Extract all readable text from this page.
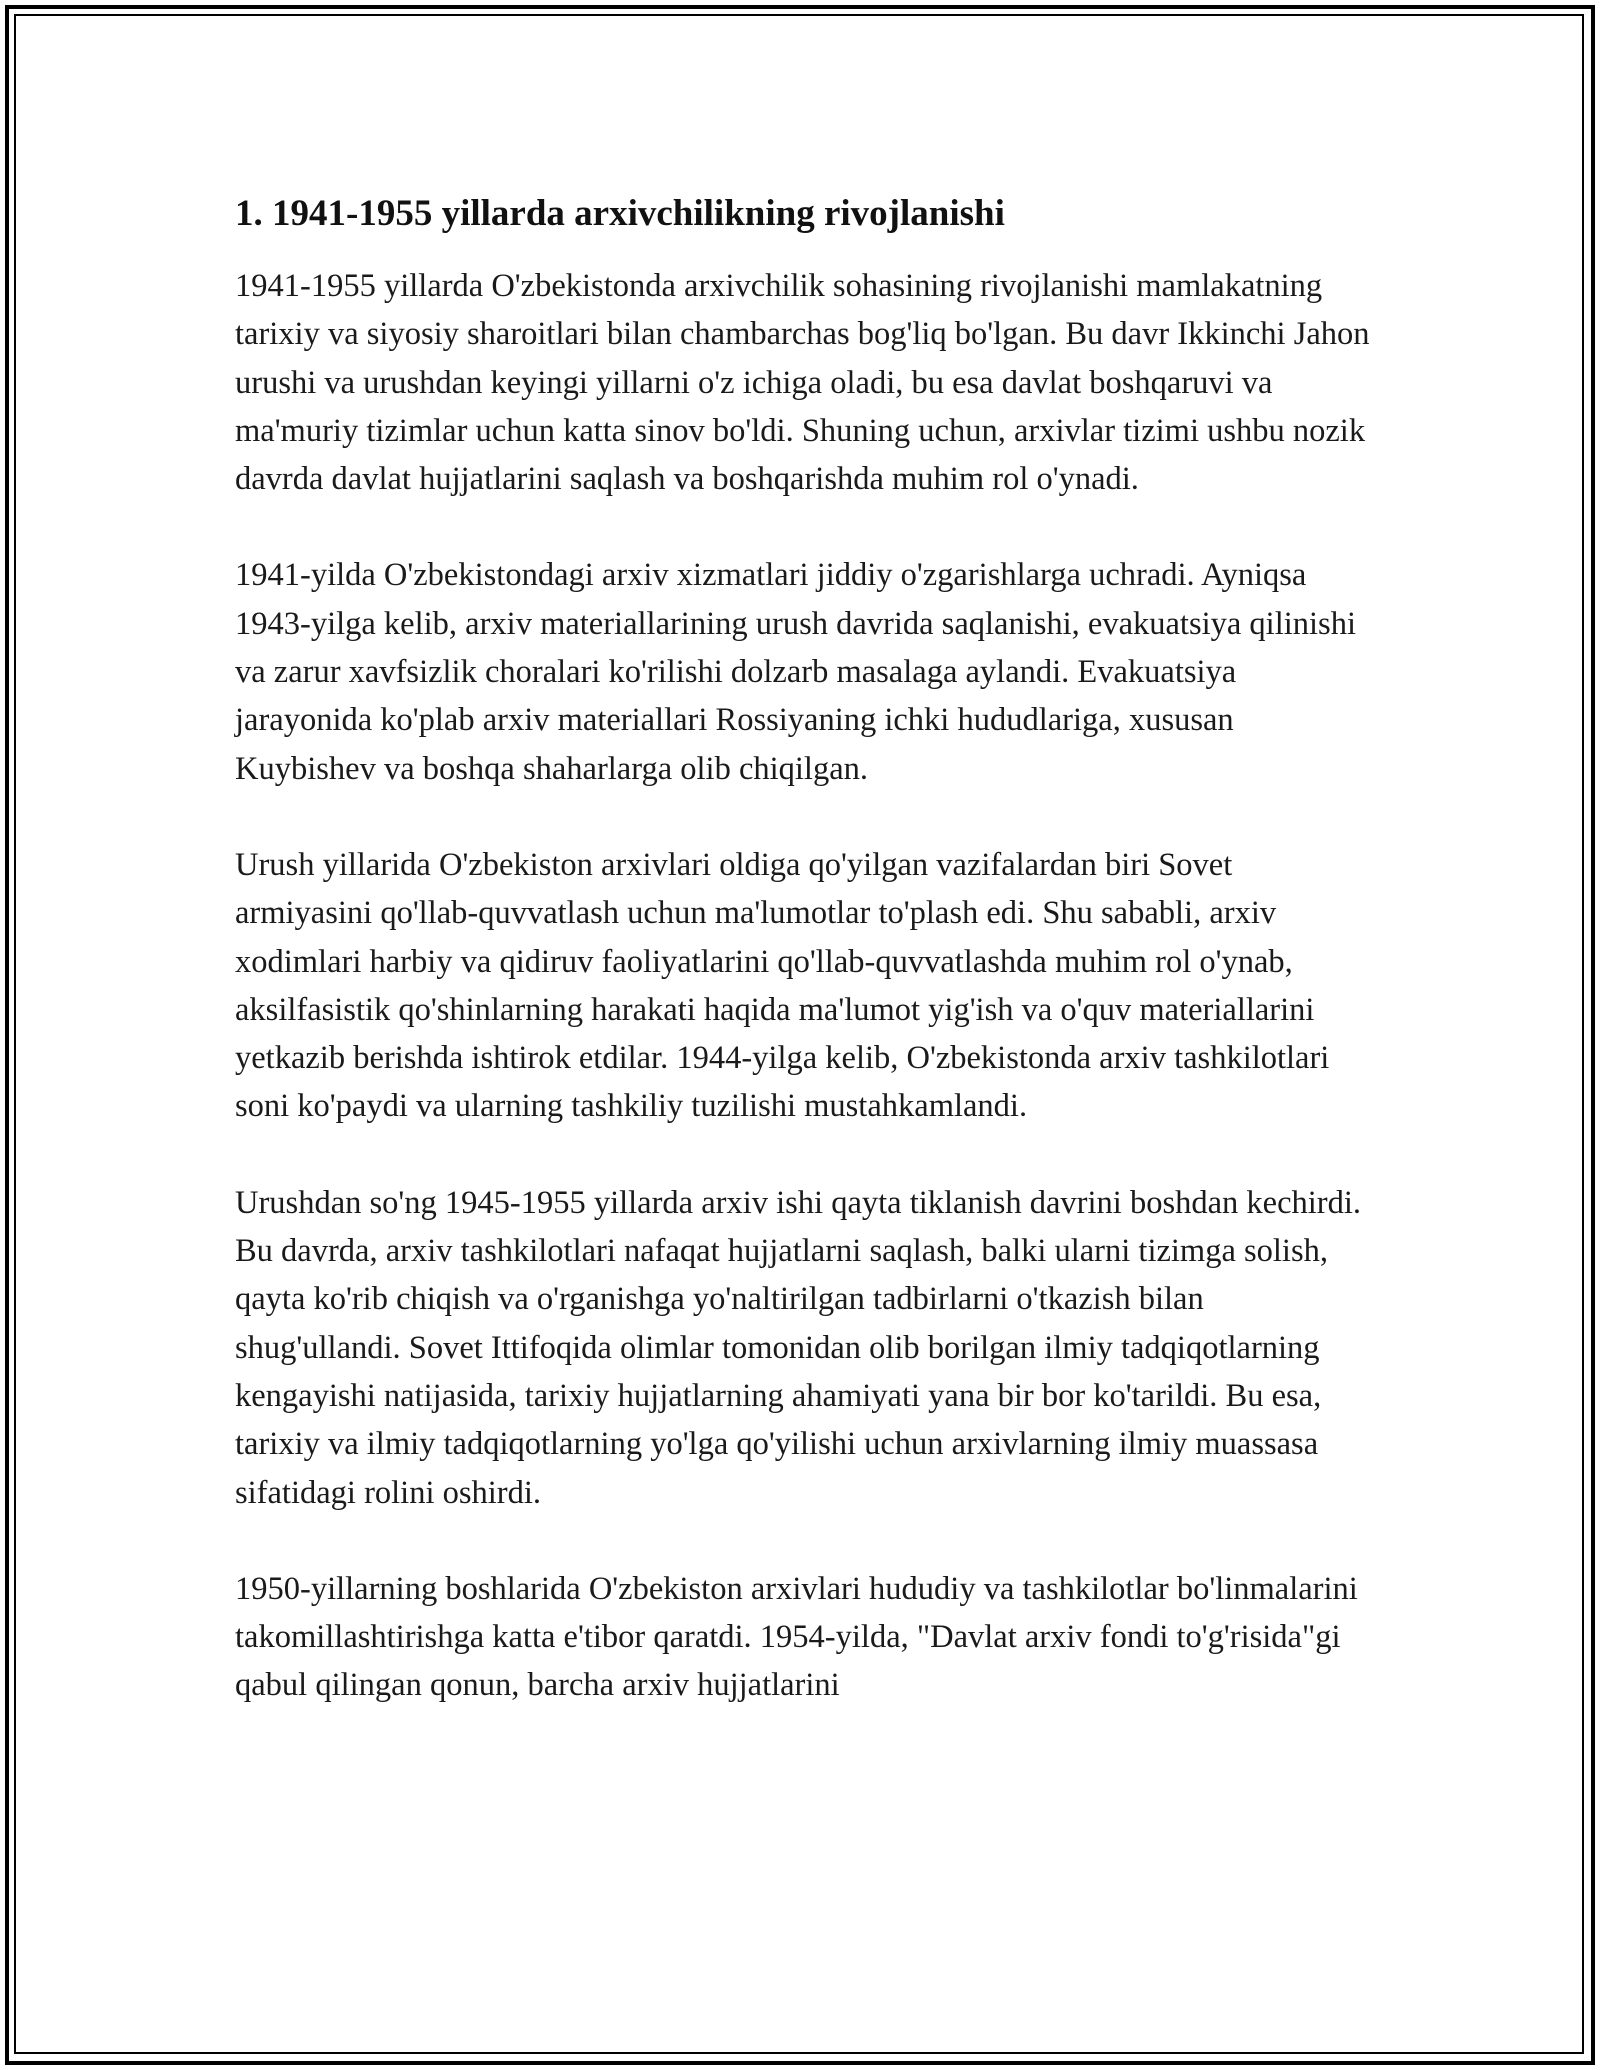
1. 1941-1955 yillarda arxivchilikning rivojlanishi

1941-1955 yillarda O'zbekistonda arxivchilik sohasining rivojlanishi mamlakatning tarixiy va siyosiy sharoitlari bilan chambarchas bog'liq bo'lgan. Bu davr Ikkinchi Jahon urushi va urushdan keyingi yillarni o'z ichiga oladi, bu esa davlat boshqaruvi va ma'muriy tizimlar uchun katta sinov bo'ldi. Shuning uchun, arxivlar tizimi ushbu nozik davrda davlat hujjatlarini saqlash va boshqarishda muhim rol o'ynadi.

1941-yilda O'zbekistondagi arxiv xizmatlari jiddiy o'zgarishlarga uchradi. Ayniqsa 1943-yilga kelib, arxiv materiallarining urush davrida saqlanishi, evakuatsiya qilinishi va zarur xavfsizlik choralari ko'rilishi dolzarb masalaga aylandi. Evakuatsiya jarayonida ko'plab arxiv materiallari Rossiyaning ichki hududlariga, xususan Kuybishev va boshqa shaharlarga olib chiqilgan.

Urush yillarida O'zbekiston arxivlari oldiga qo'yilgan vazifalardan biri Sovet armiyasini qo'llab-quvvatlash uchun ma'lumotlar to'plash edi. Shu sababli, arxiv xodimlari harbiy va qidiruv faoliyatlarini qo'llab-quvvatlashda muhim rol o'ynab, aksilfasistik qo'shinlarning harakati haqida ma'lumot yig'ish va o'quv materiallarini yetkazib berishda ishtirok etdilar. 1944-yilga kelib, O'zbekistonda arxiv tashkilotlari soni ko'paydi va ularning tashkiliy tuzilishi mustahkamlandi.

Urushdan so'ng 1945-1955 yillarda arxiv ishi qayta tiklanish davrini boshdan kechirdi. Bu davrda, arxiv tashkilotlari nafaqat hujjatlarni saqlash, balki ularni tizimga solish, qayta ko'rib chiqish va o'rganishga yo'naltirilgan tadbirlarni o'tkazish bilan shug'ullandi. Sovet Ittifoqida olimlar tomonidan olib borilgan ilmiy tadqiqotlarning kengayishi natijasida, tarixiy hujjatlarning ahamiyati yana bir bor ko'tarildi. Bu esa, tarixiy va ilmiy tadqiqotlarning yo'lga qo'yilishi uchun arxivlarning ilmiy muassasa sifatidagi rolini oshirdi.

1950-yillarning boshlarida O'zbekiston arxivlari hududiy va tashkilotlar bo'linmalarini takomillashtirishga katta e'tibor qaratdi. 1954-yilda, "Davlat arxiv fondi to'g'risida"gi qabul qilingan qonun, barcha arxiv hujjatlarini
